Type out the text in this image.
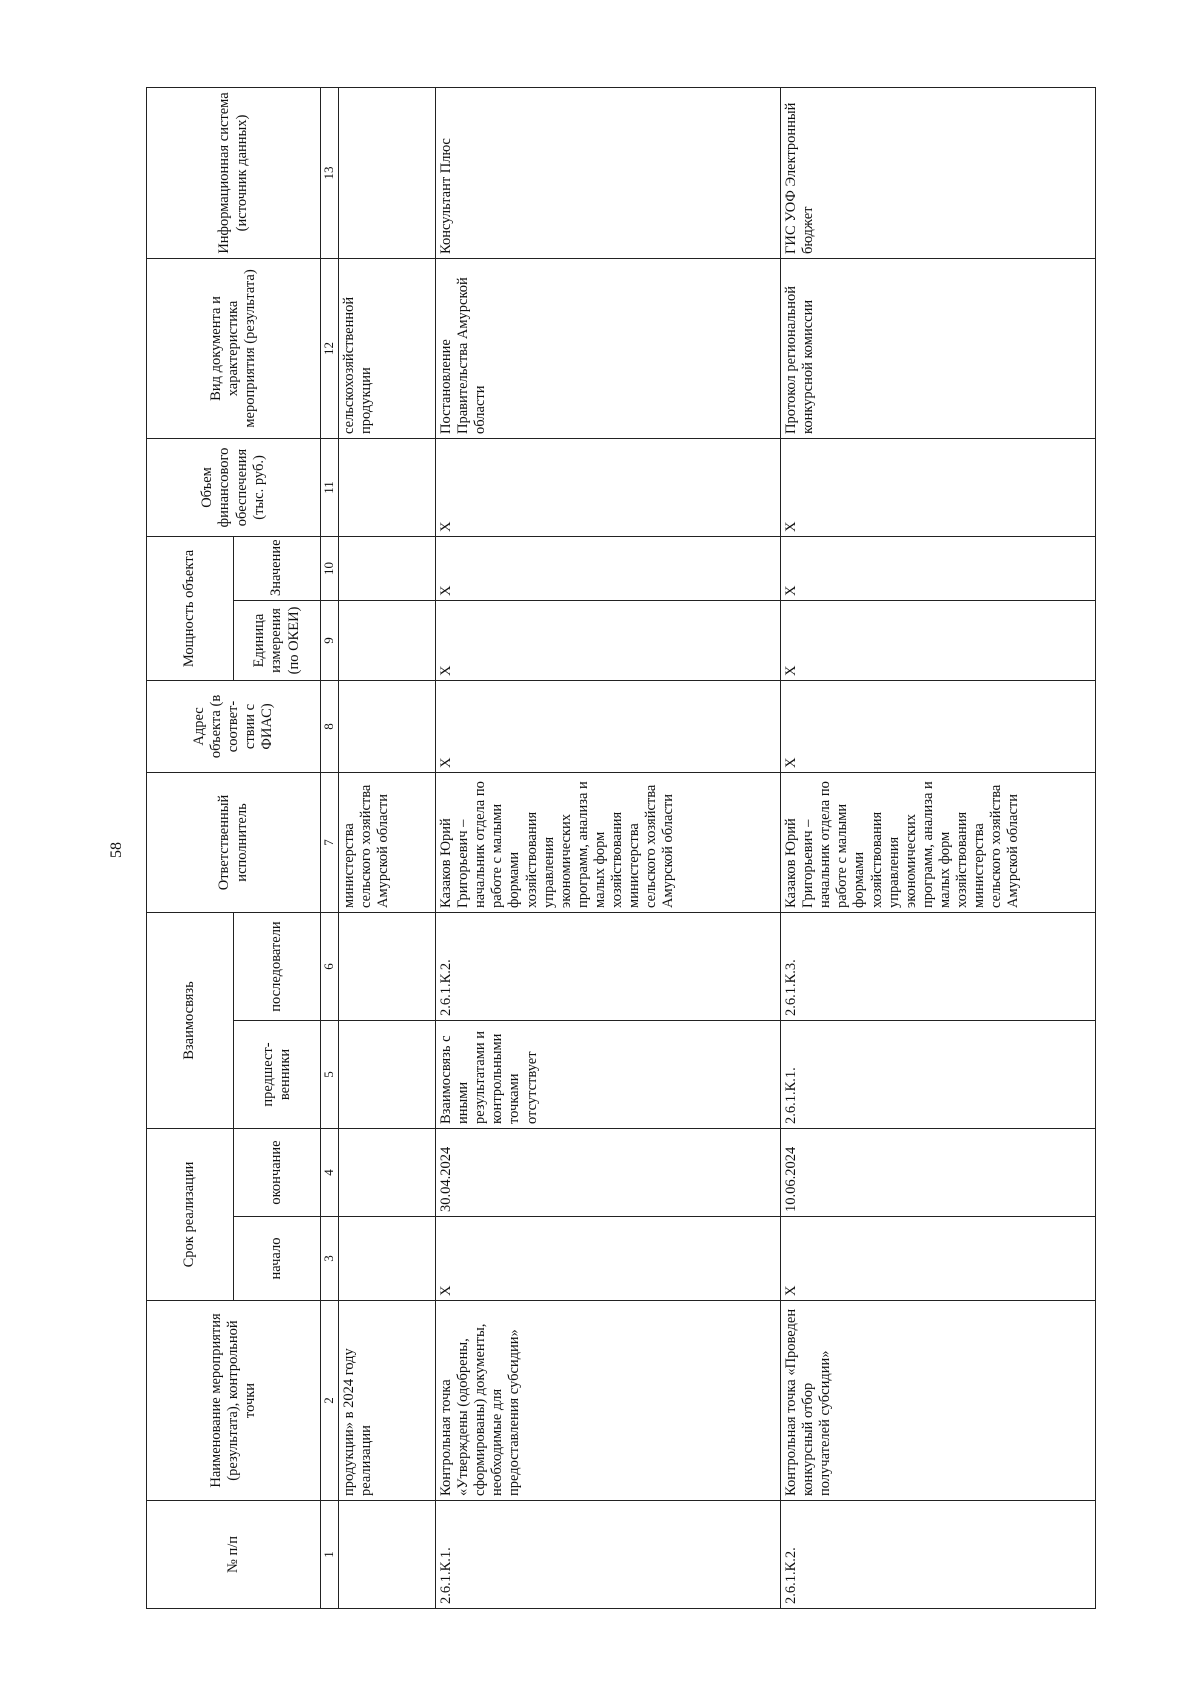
58
№ п/п	Наименование мероприятия (результата), контрольной точки	Срок реализации		Взаимосвязь		Ответственный исполнитель	Адрес объекта (в соответ-ствии с ФИАС)	Мощность объекта		Объем финансового обеспечения (тыс. руб.)	Вид документа и характеристика мероприятия (результата)	Информационная система (источник данных)
		начало	окончание	предшест-венники	последователи			Единица измерения (по ОКЕИ)	Значение			
1	2	3	4	5	6	7	8	9	10	11	12	13
	продукции» в 2024 году реализации					министерства сельского хозяйства Амурской области					сельскохозяйственной продукции	
2.6.1.К.1.	Контрольная точка «Утверждены (одобрены, сформированы) документы, необходимые для предоставления субсидии»	Х	30.04.2024	Взаимосвязь с иными результатами и контрольными точками отсутствует	2.6.1.К.2.	Казаков Юрий Григорьевич – начальник отдела по работе с малыми формами хозяйствования управления экономических программ, анализа и малых форм хозяйствования министерства сельского хозяйства Амурской области	Х	Х	Х	Х	Постановление Правительства Амурской области	Консультант Плюс
2.6.1.К.2.	Контрольная точка «Проведен конкурсный отбор получателей субсидии»	Х	10.06.2024	2.6.1.К.1.	2.6.1.К.3.	Казаков Юрий Григорьевич – начальник отдела по работе с малыми формами хозяйствования управления экономических программ, анализа и малых форм хозяйствования министерства сельского хозяйства Амурской области	Х	Х	Х	Х	Протокол региональной конкурсной комиссии	ГИС УОФ Электронный бюджет
